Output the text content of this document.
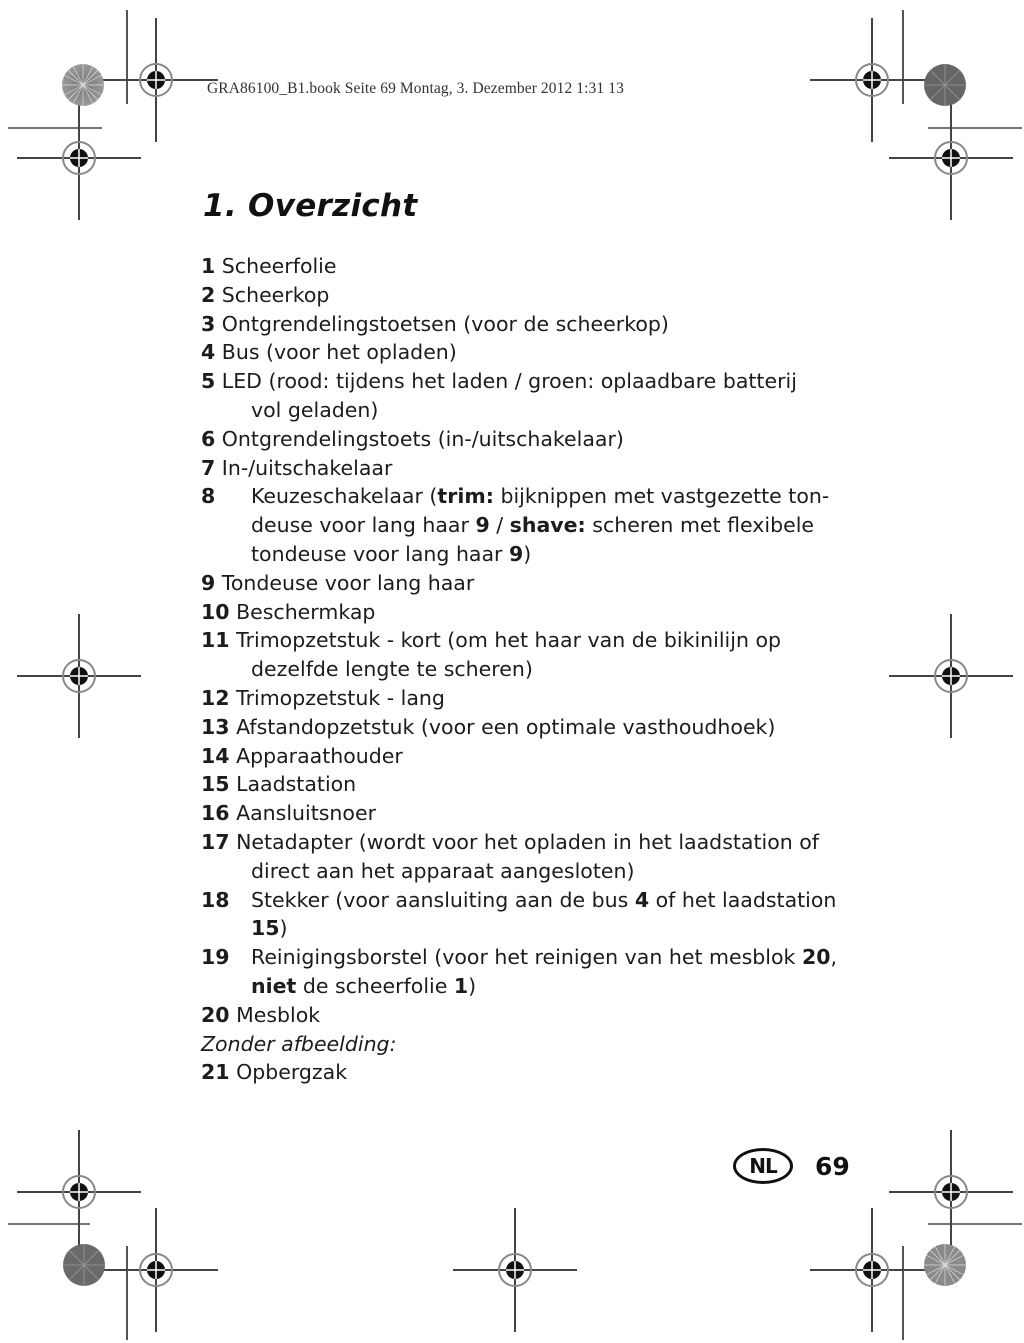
GRA86100_B1.book Seite 69 Montag, 3. Dezember 2012 1:31 13
1. Overzicht
1 Scheerfolie
2 Scheerkop
3 Ontgrendelingstoetsen (voor de scheerkop)
4 Bus (voor het opladen)
5 LED (rood: tijdens het laden / groen: oplaadbare batterij
vol geladen)
6 Ontgrendelingstoets (in-/uitschakelaar)
7 In-/uitschakelaar
8	Keuzeschakelaar (trim: bijknippen met vastgezette ton-
deuse voor lang haar 9 / shave: scheren met flexibele
tondeuse voor lang haar 9)
9 Tondeuse voor lang haar
10 Beschermkap
11 Trimopzetstuk - kort (om het haar van de bikinilijn op
dezelfde lengte te scheren)
12 Trimopzetstuk - lang
13 Afstandopzetstuk (voor een optimale vasthoudhoek)
14 Apparaathouder
15 Laadstation
16 Aansluitsnoer
17 Netadapter (wordt voor het opladen in het laadstation of
direct aan het apparaat aangesloten)
18	Stekker (voor aansluiting aan de bus 4 of het laadstation 15)
19	Reinigingsborstel (voor het reinigen van het mesblok 20,
niet de scheerfolie 1)
20 Mesblok
Zonder afbeelding:
21 Opbergzak
NL	69
